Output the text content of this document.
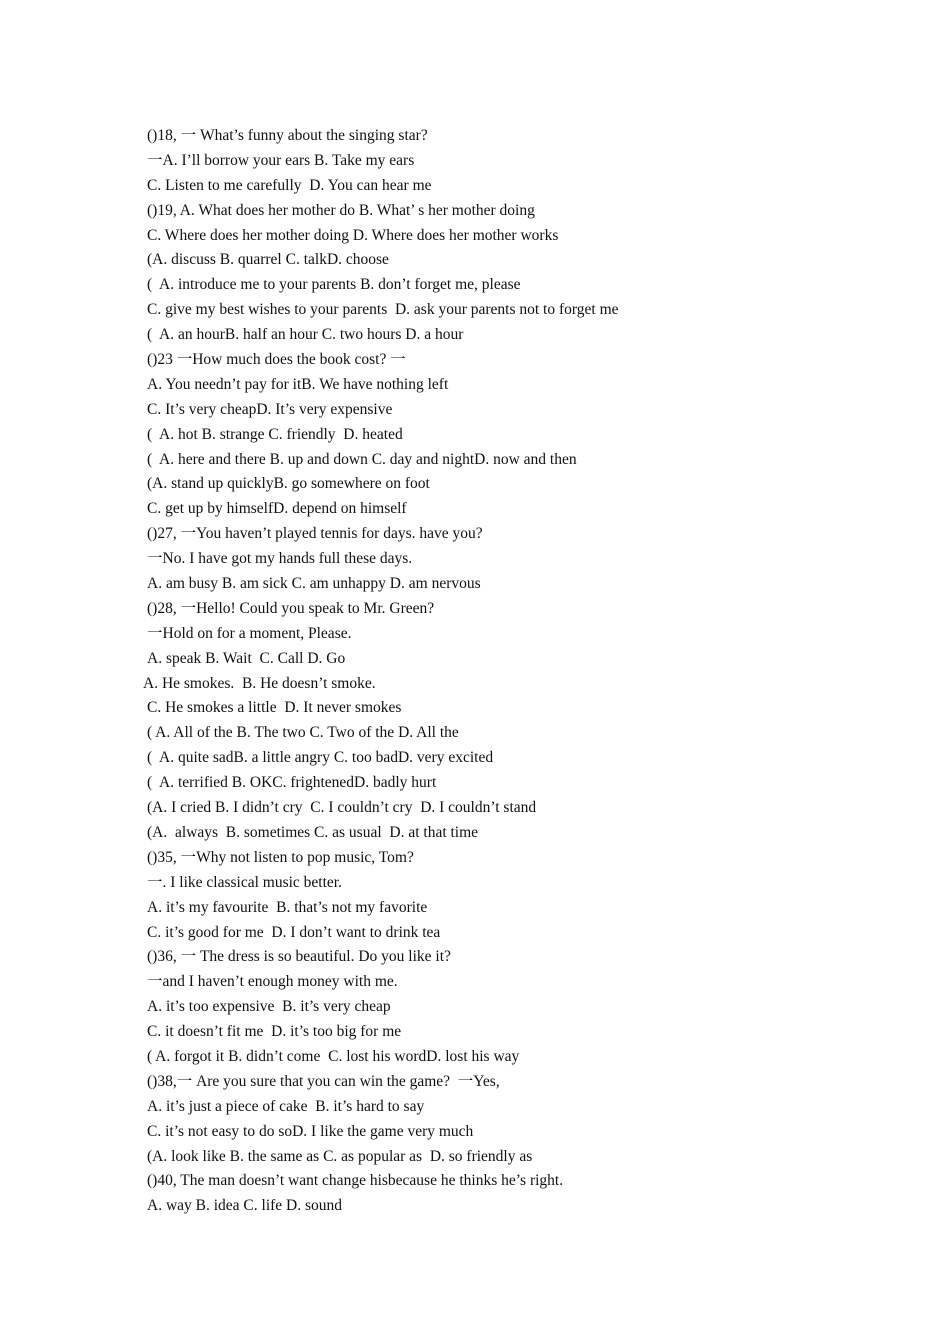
()18, 一 What’s funny about the singing star?
一A. I’ll borrow your ears B. Take my ears
C. Listen to me carefully  D. You can hear me
()19, A. What does her mother do B. What’ s her mother doing
C. Where does her mother doing D. Where does her mother works
(A. discuss B. quarrel C. talkD. choose
(  A. introduce me to your parents B. don’t forget me, please
C. give my best wishes to your parents  D. ask your parents not to forget me
(  A. an hourB. half an hour C. two hours D. a hour
()23 一How much does the book cost? 一
A. You needn’t pay for itB. We have nothing left
C. It’s very cheapD. It’s very expensive
(  A. hot B. strange C. friendly  D. heated
(  A. here and there B. up and down C. day and nightD. now and then
(A. stand up quicklyB. go somewhere on foot
C. get up by himselfD. depend on himself
()27, 一You haven’t played tennis for days. have you?
一No. I have got my hands full these days.
A. am busy B. am sick C. am unhappy D. am nervous
()28, 一Hello! Could you speak to Mr. Green?
一Hold on for a moment, Please.
A. speak B. Wait  C. Call D. Go
A. He smokes.  B. He doesn’t smoke.
C. He smokes a little  D. It never smokes
( A. All of the B. The two C. Two of the D. All the
(  A. quite sadB. a little angry C. too badD. very excited
(  A. terrified B. OKC. frightenedD. badly hurt
(A. I cried B. I didn’t cry  C. I couldn’t cry  D. I couldn’t stand
(A.  always  B. sometimes C. as usual  D. at that time
()35, 一Why not listen to pop music, Tom?
一. I like classical music better.
A. it’s my favourite  B. that’s not my favorite
C. it’s good for me  D. I don’t want to drink tea
()36, 一 The dress is so beautiful. Do you like it?
一and I haven’t enough money with me.
A. it’s too expensive  B. it’s very cheap
C. it doesn’t fit me  D. it’s too big for me
( A. forgot it B. didn’t come  C. lost his wordD. lost his way
()38,一 Are you sure that you can win the game?  一Yes,
A. it’s just a piece of cake  B. it’s hard to say
C. it’s not easy to do soD. I like the game very much
(A. look like B. the same as C. as popular as  D. so friendly as
()40, The man doesn’t want change hisbecause he thinks he’s right.
A. way B. idea C. life D. sound
